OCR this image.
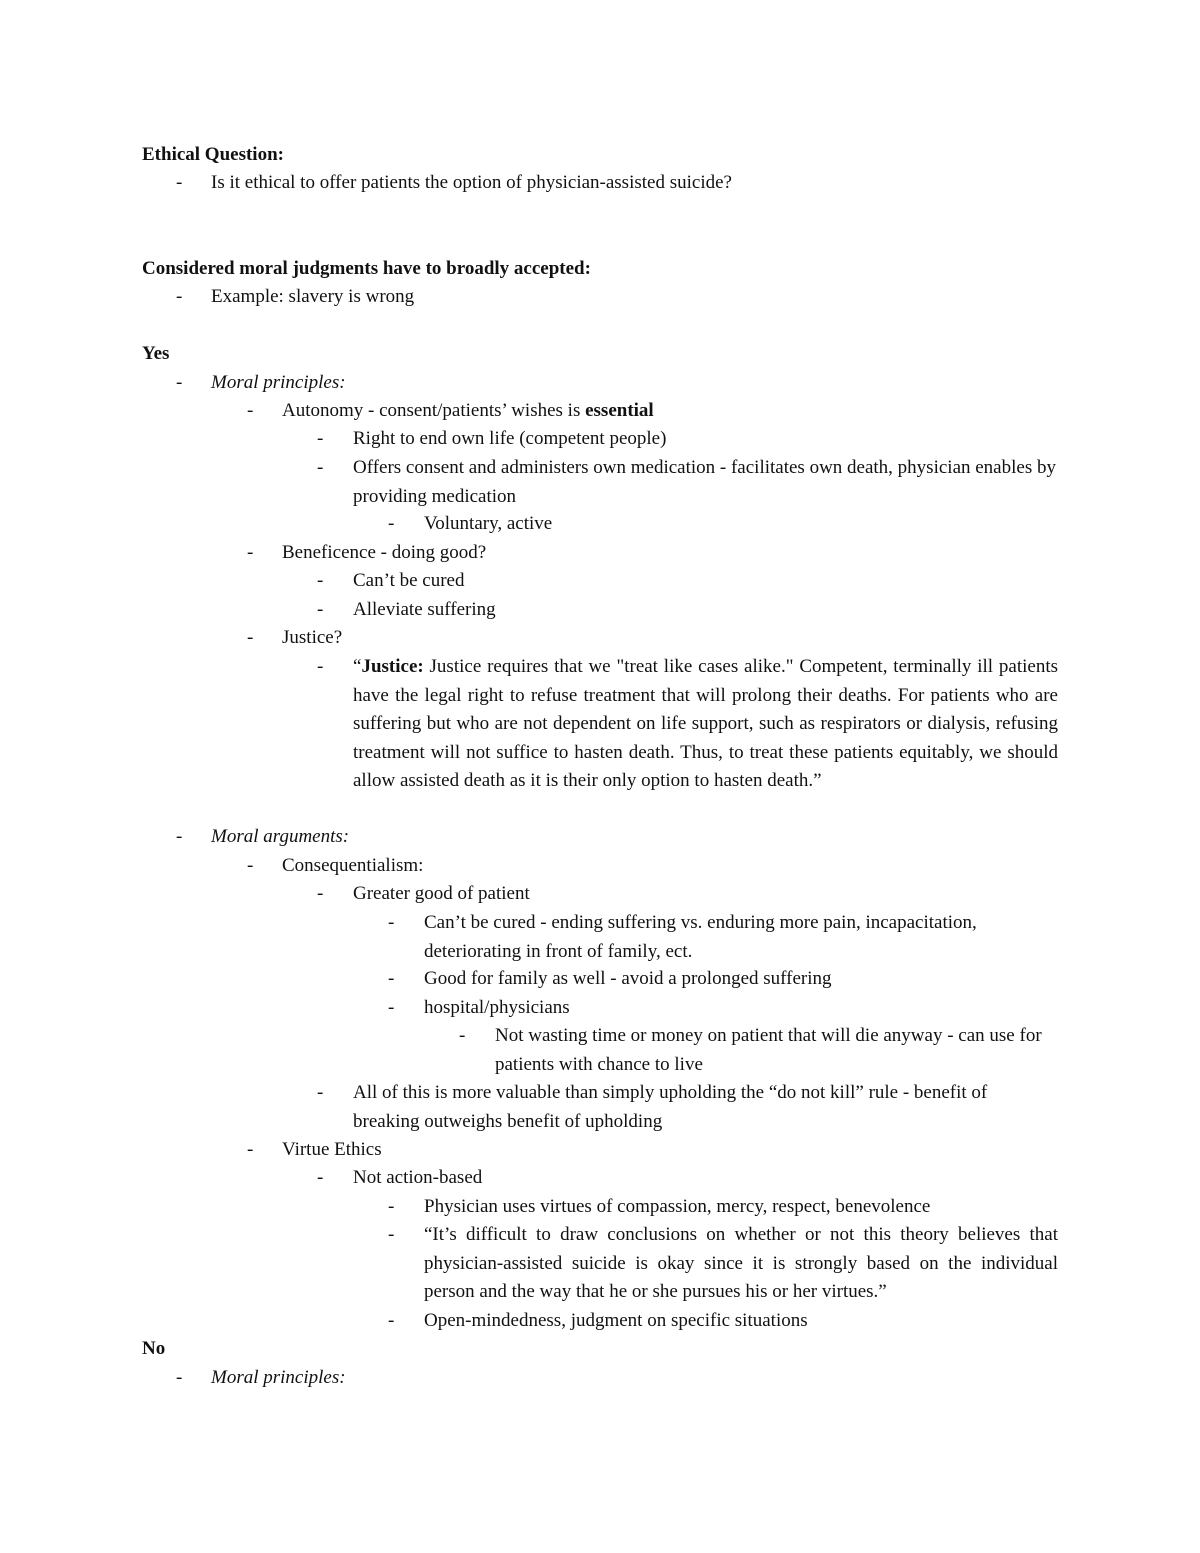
Ethical Question:
-	Is it ethical to offer patients the option of physician-assisted suicide?
Considered moral judgments have to broadly accepted:
-	Example: slavery is wrong
Yes
-	Moral principles:
-	Autonomy - consent/patients’ wishes is essential
-	Right to end own life (competent people)
-	Offers consent and administers own medication - facilitates own death, physician enables by providing medication
-	Voluntary, active
-	Beneficence - doing good?
-	Can’t be cured
-	Alleviate suffering
-	Justice?
-	“Justice: Justice requires that we "treat like cases alike." Competent, terminally ill patients have the legal right to refuse treatment that will prolong their deaths. For patients who are suffering but who are not dependent on life support, such as respirators or dialysis, refusing treatment will not suffice to hasten death. Thus, to treat these patients equitably, we should allow assisted death as it is their only option to hasten death.”
-	Moral arguments:
-	Consequentialism:
-	Greater good of patient
-	Can’t be cured - ending suffering vs. enduring more pain, incapacitation, deteriorating in front of family, ect.
-	Good for family as well - avoid a prolonged suffering
-	hospital/physicians
-	Not wasting time or money on patient that will die anyway - can use for patients with chance to live
-	All of this is more valuable than simply upholding the “do not kill” rule - benefit of breaking outweighs benefit of upholding
-	Virtue Ethics
-	Not action-based
-	Physician uses virtues of compassion, mercy, respect, benevolence
-	“It’s difficult to draw conclusions on whether or not this theory believes that physician-assisted suicide is okay since it is strongly based on the individual person and the way that he or she pursues his or her virtues.”
-	Open-mindedness, judgment on specific situations
No
-	Moral principles:
